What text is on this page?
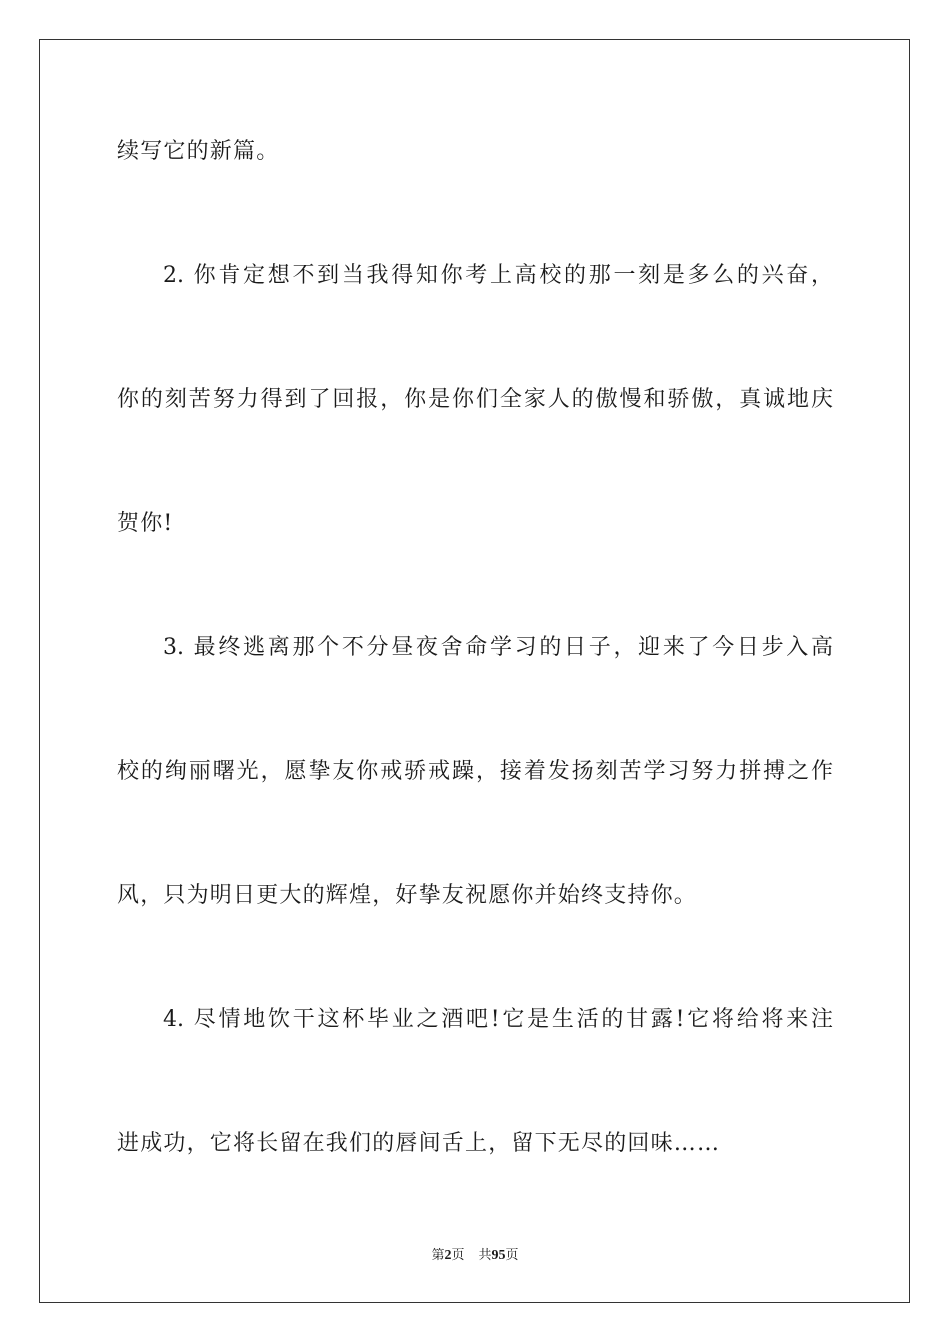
续写它的新篇。
2. 你肯定想不到当我得知你考上高校的那一刻是多么的兴奋，
你的刻苦努力得到了回报，你是你们全家人的傲慢和骄傲，真诚地庆
贺你!
3. 最终逃离那个不分昼夜舍命学习的日子，迎来了今日步入高
校的绚丽曙光，愿挚友你戒骄戒躁，接着发扬刻苦学习努力拼搏之作
风，只为明日更大的辉煌，好挚友祝愿你并始终支持你。
4. 尽情地饮干这杯毕业之酒吧!它是生活的甘露!它将给将来注
进成功，它将长留在我们的唇间舌上，留下无尽的回味……
第2页 共95页
